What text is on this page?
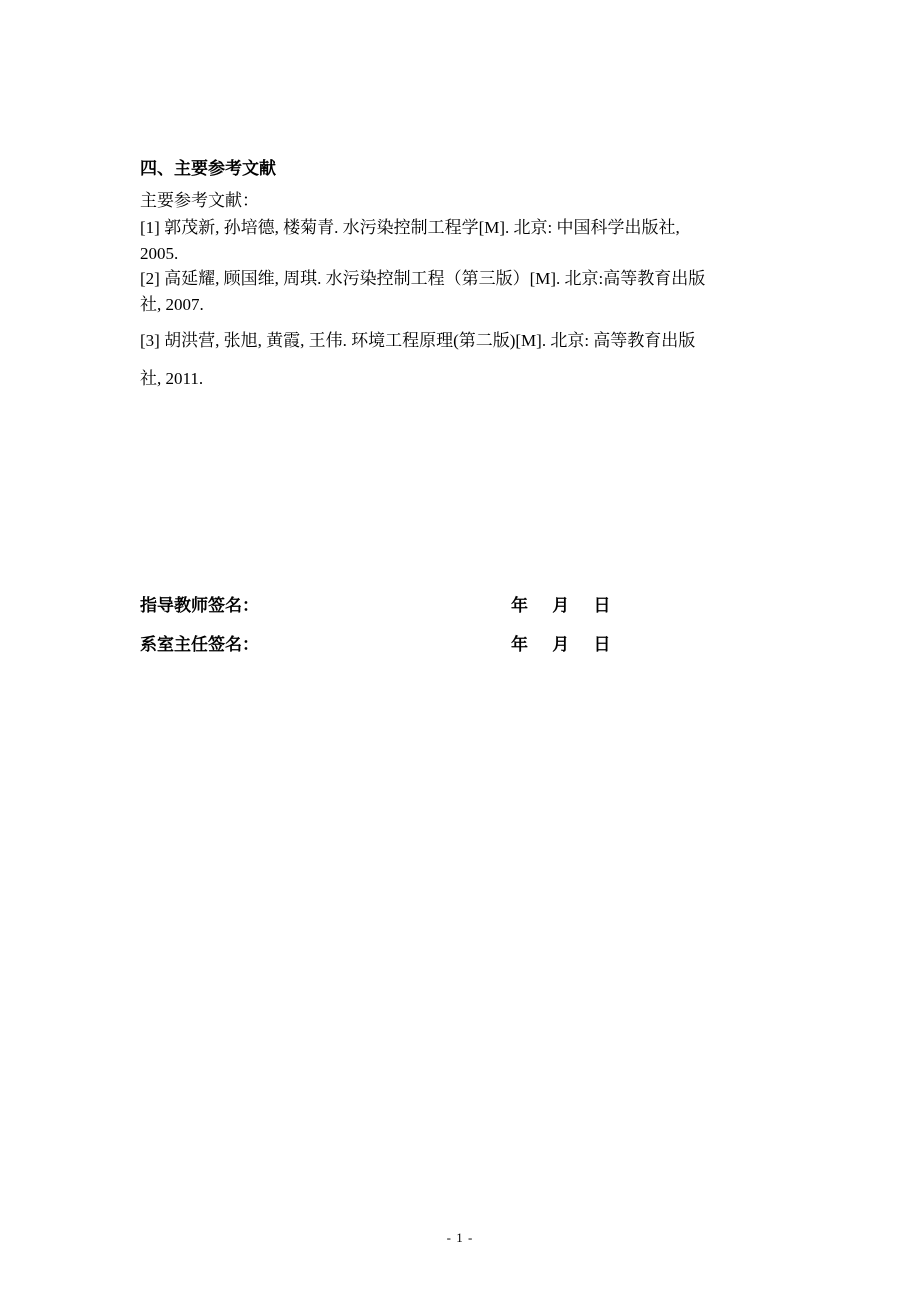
四、主要参考文献
主要参考文献：
[1] 郭茂新, 孙培德, 楼菊青. 水污染控制工程学[M]. 北京: 中国科学出版社,
2005.
[2] 高延耀, 顾国维, 周琪. 水污染控制工程（第三版）[M]. 北京:高等教育出版
社, 2007.
[3] 胡洪营, 张旭, 黄霞, 王伟. 环境工程原理(第二版)[M]. 北京: 高等教育出版
社, 2011.
指导教师签名：	年 月 日
系室主任签名：	年 月 日
- 1 -
